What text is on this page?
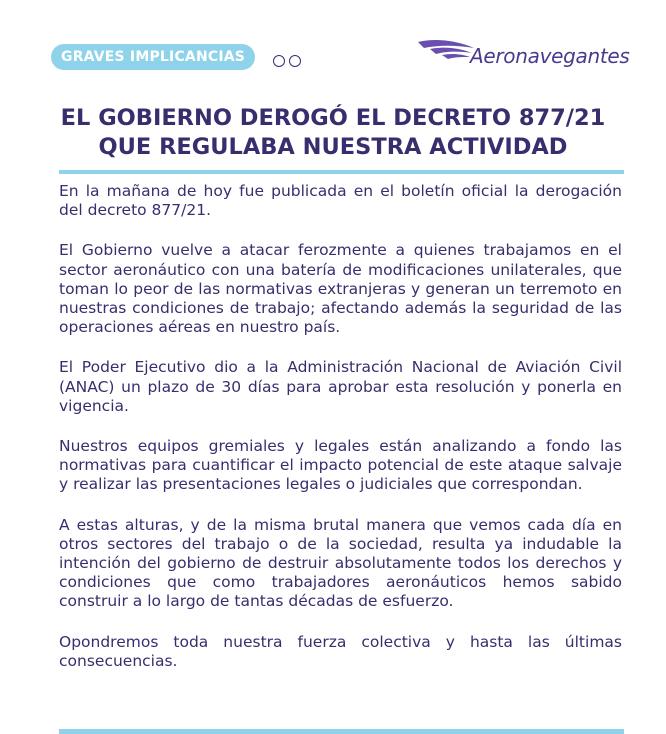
GRAVES IMPLICANCIAS	Aeronavegantes
EL GOBIERNO DEROGÓ EL DECRETO 877/21
QUE REGULABA NUESTRA ACTIVIDAD

En la mañana de hoy fue publicada en el boletín oficial la derogación del decreto 877/21.

El Gobierno vuelve a atacar ferozmente a quienes trabajamos en el sector aeronáutico con una batería de modificaciones unilaterales, que toman lo peor de las normativas extranjeras y generan un terremoto en nuestras condiciones de trabajo; afectando además la seguridad de las operaciones aéreas en nuestro país.

El Poder Ejecutivo dio a la Administración Nacional de Aviación Civil (ANAC) un plazo de 30 días para aprobar esta resolución y ponerla en vigencia.

Nuestros equipos gremiales y legales están analizando a fondo las normativas para cuantificar el impacto potencial de este ataque salvaje y realizar las presentaciones legales o judiciales que correspondan.

A estas alturas, y de la misma brutal manera que vemos cada día en otros sectores del trabajo o de la sociedad, resulta ya indudable la intención del gobierno de destruir absolutamente todos los derechos y condiciones que como trabajadores aeronáuticos hemos sabido construir a lo largo de tantas décadas de esfuerzo.

Opondremos toda nuestra fuerza colectiva y hasta las últimas consecuencias.
